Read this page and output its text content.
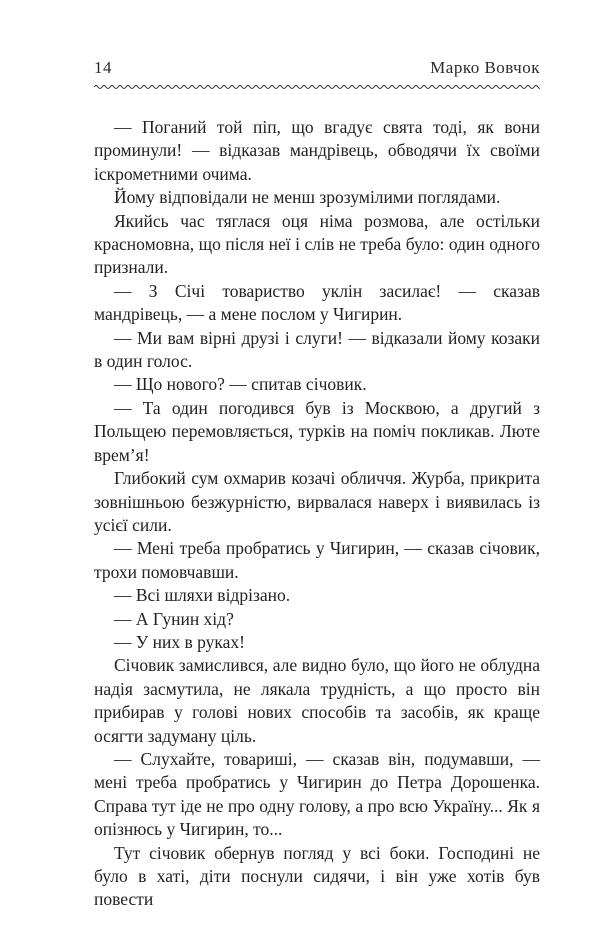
14	Марко Вовчок

— Поганий той піп, що вгадує свята тоді, як вони проминули! — відказав мандрівець, обводячи їх своїми іскрометними очима.

Йому відповідали не менш зрозумілими поглядами.

Якийсь час тяглася оця німа розмова, але остільки красномовна, що після неї і слів не треба було: один одного признали.

— З Січі товариство уклін засилає! — сказав мандрівець, — а мене послом у Чигирин.

— Ми вам вірні друзі і слуги! — відказали йому козаки в один голос.

— Що нового? — спитав січовик.

— Та один погодився був із Москвою, а другий з Польщею перемовляється, турків на поміч покликав. Люте врем’я!

Глибокий сум охмарив козачі обличчя. Журба, прикрита зовнішньою безжурністю, вирвалася наверх і виявилась із усієї сили.

— Мені треба пробратись у Чигирин, — сказав січовик, трохи помовчавши.

— Всі шляхи відрізано.

— А Гунин хід?

— У них в руках!

Січовик замислився, але видно було, що його не облудна надія засмутила, не лякала трудність, а що просто він прибирав у голові нових способів та засобів, як краще осягти задуману ціль.

— Слухайте, товариші, — сказав він, подумавши, — мені треба пробратись у Чигирин до Петра Дорошенка. Справа тут іде не про одну голову, а про всю Україну... Як я опізнюсь у Чигирин, то...

Тут січовик обернув погляд у всі боки. Господині не було в хаті, діти поснули сидячи, і він уже хотів був повести
